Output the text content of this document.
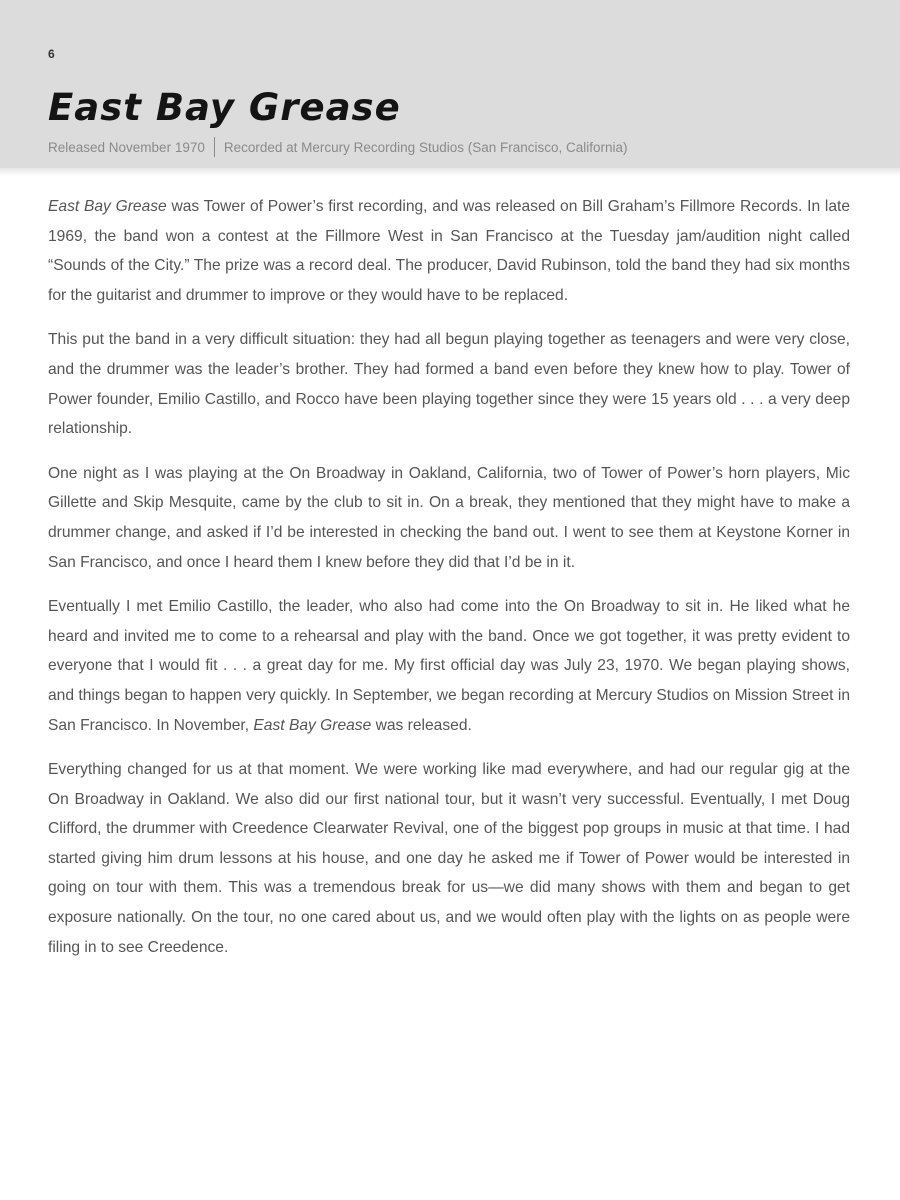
6
East Bay Grease
Released November 1970 Recorded at Mercury Recording Studios (San Francisco, California)

East Bay Grease was Tower of Power’s first recording, and was released on Bill Graham’s Fillmore Records. In late 1969, the band won a contest at the Fillmore West in San Francisco at the Tuesday jam/audition night called “Sounds of the City.” The prize was a record deal. The producer, David Rubinson, told the band they had six months for the guitarist and drummer to improve or they would have to be replaced.

This put the band in a very difficult situation: they had all begun playing together as teenagers and were very close, and the drummer was the leader’s brother. They had formed a band even before they knew how to play. Tower of Power founder, Emilio Castillo, and Rocco have been playing together since they were 15 years old . . . a very deep relationship.

One night as I was playing at the On Broadway in Oakland, California, two of Tower of Power’s horn players, Mic Gillette and Skip Mesquite, came by the club to sit in. On a break, they mentioned that they might have to make a drummer change, and asked if I’d be interested in checking the band out. I went to see them at Keystone Korner in San Francisco, and once I heard them I knew before they did that I’d be in it.

Eventually I met Emilio Castillo, the leader, who also had come into the On Broadway to sit in. He liked what he heard and invited me to come to a rehearsal and play with the band. Once we got together, it was pretty evident to everyone that I would fit . . . a great day for me. My first official day was July 23, 1970. We began playing shows, and things began to happen very quickly. In September, we began recording at Mercury Studios on Mission Street in San Francisco. In November, East Bay Grease was released.

Everything changed for us at that moment. We were working like mad everywhere, and had our regular gig at the On Broadway in Oakland. We also did our first national tour, but it wasn’t very successful. Eventually, I met Doug Clifford, the drummer with Creedence Clearwater Revival, one of the biggest pop groups in music at that time. I had started giving him drum lessons at his house, and one day he asked me if Tower of Power would be interested in going on tour with them. This was a tremendous break for us—we did many shows with them and began to get exposure nationally. On the tour, no one cared about us, and we would often play with the lights on as people were filing in to see Creedence.
